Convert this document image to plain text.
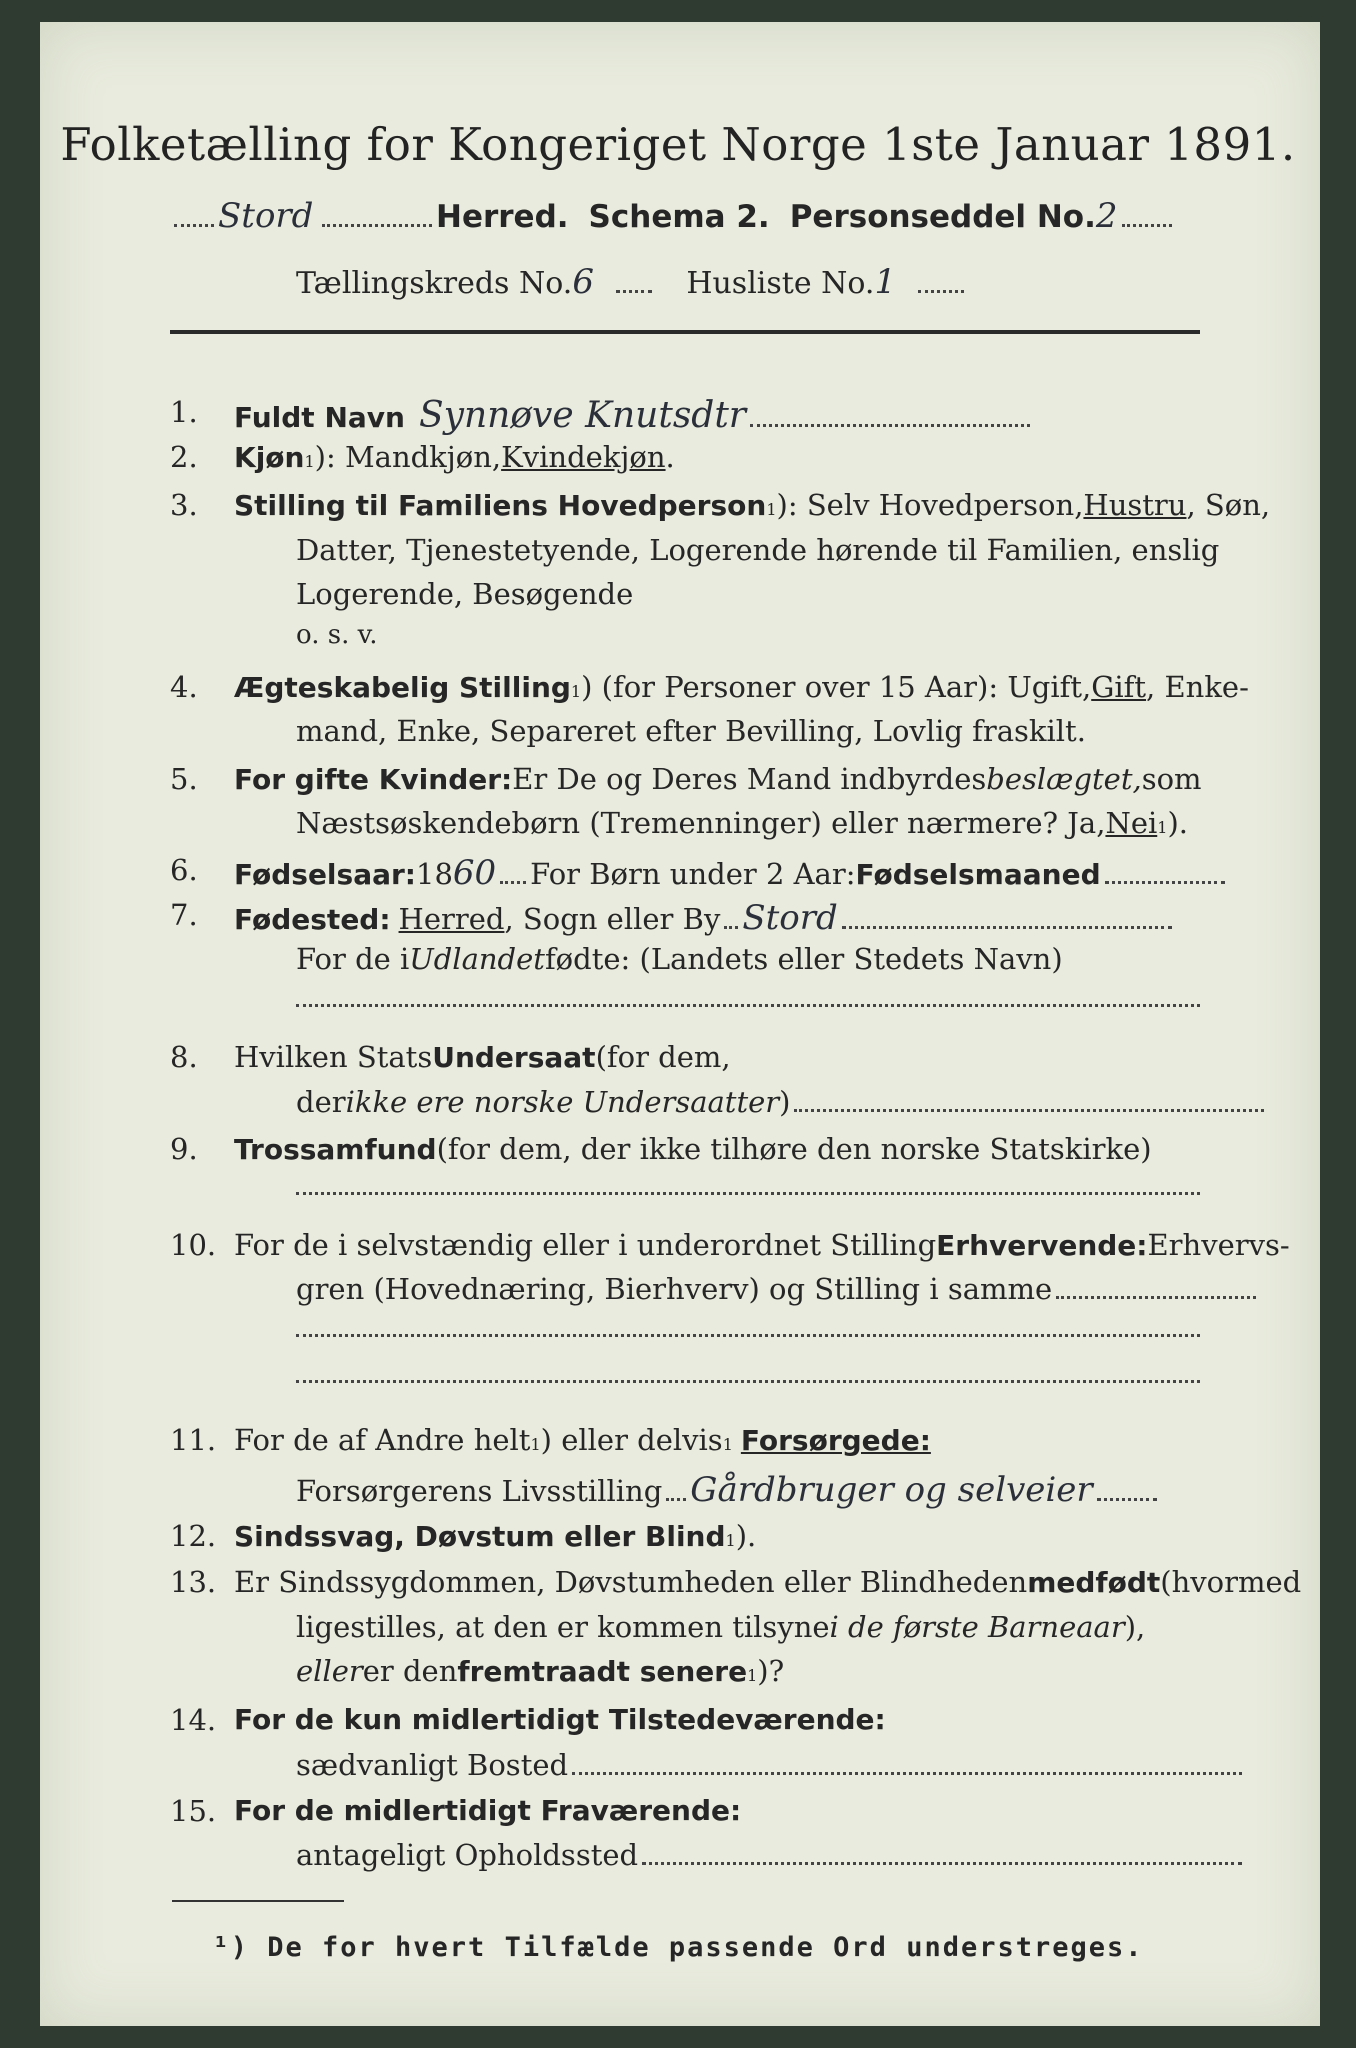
Folketælling for Kongeriget Norge 1ste Januar 1891.
Stord	Herred. Schema 2. Personseddel No. 2
Tællingskreds No. 6	Husliste No. 1
1. Fuldt Navn Synnøve Knutsdtr
2. Kjøn 1 ): Mandkjøn, Kvindekjøn .
3. Stilling til Familiens Hovedperson 1 ): Selv Hovedperson, Hustru , Søn,
Datter, Tjenestetyende, Logerende hørende til Familien, enslig
Logerende, Besøgende
o. s. v.
4. Ægteskabelig Stilling 1 ) (for Personer over 15 Aar): Ugift, Gift , Enke-
mand, Enke, Separeret efter Bevilling, Lovlig fraskilt.
5. For gifte Kvinder: Er De og Deres Mand indbyrdes beslægtet, som
Næstsøskendebørn (Tremenninger) eller nærmere? Ja, Nei 1 ).
6. Fødselsaar: 18 60 For Børn under 2 Aar: Fødselsmaaned
7. Fødested: Herred , Sogn eller By Stord
For de i Udlandet fødte: (Landets eller Stedets Navn)
8. Hvilken Stats Undersaat (for dem,
der ikke ere norske Undersaatter )
9. Trossamfund (for dem, der ikke tilhøre den norske Statskirke)
10. For de i selvstændig eller i underordnet Stilling Erhvervende: Erhvervs-
gren (Hovednæring, Bierhverv) og Stilling i samme
11. For de af Andre helt 1 ) eller delvis 1 Forsørgede:
Forsørgerens Livsstilling Gårdbruger og selveier
12. Sindssvag, Døvstum eller Blind 1 ).
13. Er Sindssygdommen, Døvstumheden eller Blindheden medfødt (hvormed
ligestilles, at den er kommen tilsyne i de første Barneaar ),
eller er den fremtraadt senere 1 )?
14. For de kun midlertidigt Tilstedeværende:
sædvanligt Bosted
15. For de midlertidigt Fraværende:
antageligt Opholdssted
¹) De for hvert Tilfælde passende Ord understreges.
